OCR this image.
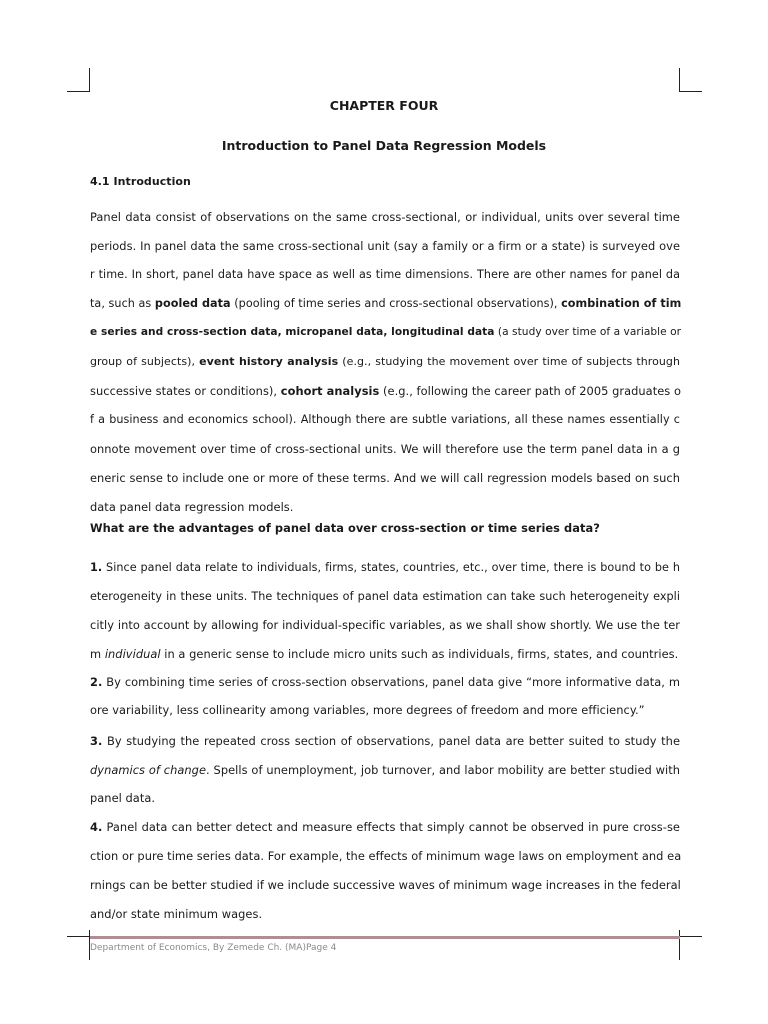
CHAPTER FOUR
Introduction to Panel Data Regression Models
4.1 Introduction
Panel data consist of observations on the same cross-sectional, or individual, units over several time
periods. In panel data the same cross-sectional unit (say a family or a firm or a state) is surveyed ove
r time. In short, panel data have space as well as time dimensions. There are other names for panel da
ta, such as pooled data (pooling of time series and cross-sectional observations), combination of tim
e series and cross-section data, micropanel data, longitudinal data (a study over time of a variable or
group of subjects), event history analysis (e.g., studying the movement over time of subjects through
successive states or conditions), cohort analysis (e.g., following the career path of 2005 graduates o
f a business and economics school). Although there are subtle variations, all these names essentially c
onnote movement over time of cross-sectional units. We will therefore use the term panel data in a g
eneric sense to include one or more of these terms. And we will call regression models based on such
data panel data regression models.
What are the advantages of panel data over cross-section or time series data?
1. Since panel data relate to individuals, firms, states, countries, etc., over time, there is bound to be h
eterogeneity in these units. The techniques of panel data estimation can take such heterogeneity expli
citly into account by allowing for individual-specific variables, as we shall show shortly. We use the ter
m individual in a generic sense to include micro units such as individuals, firms, states, and countries.
2. By combining time series of cross-section observations, panel data give “more informative data, m
ore variability, less collinearity among variables, more degrees of freedom and more efficiency.”
3. By studying the repeated cross section of observations, panel data are better suited to study the
dynamics of change. Spells of unemployment, job turnover, and labor mobility are better studied with
panel data.
4. Panel data can better detect and measure effects that simply cannot be observed in pure cross-se
ction or pure time series data. For example, the effects of minimum wage laws on employment and ea
rnings can be better studied if we include successive waves of minimum wage increases in the federal
and/or state minimum wages.
Department of Economics, By Zemede Ch. (MA)Page 4
